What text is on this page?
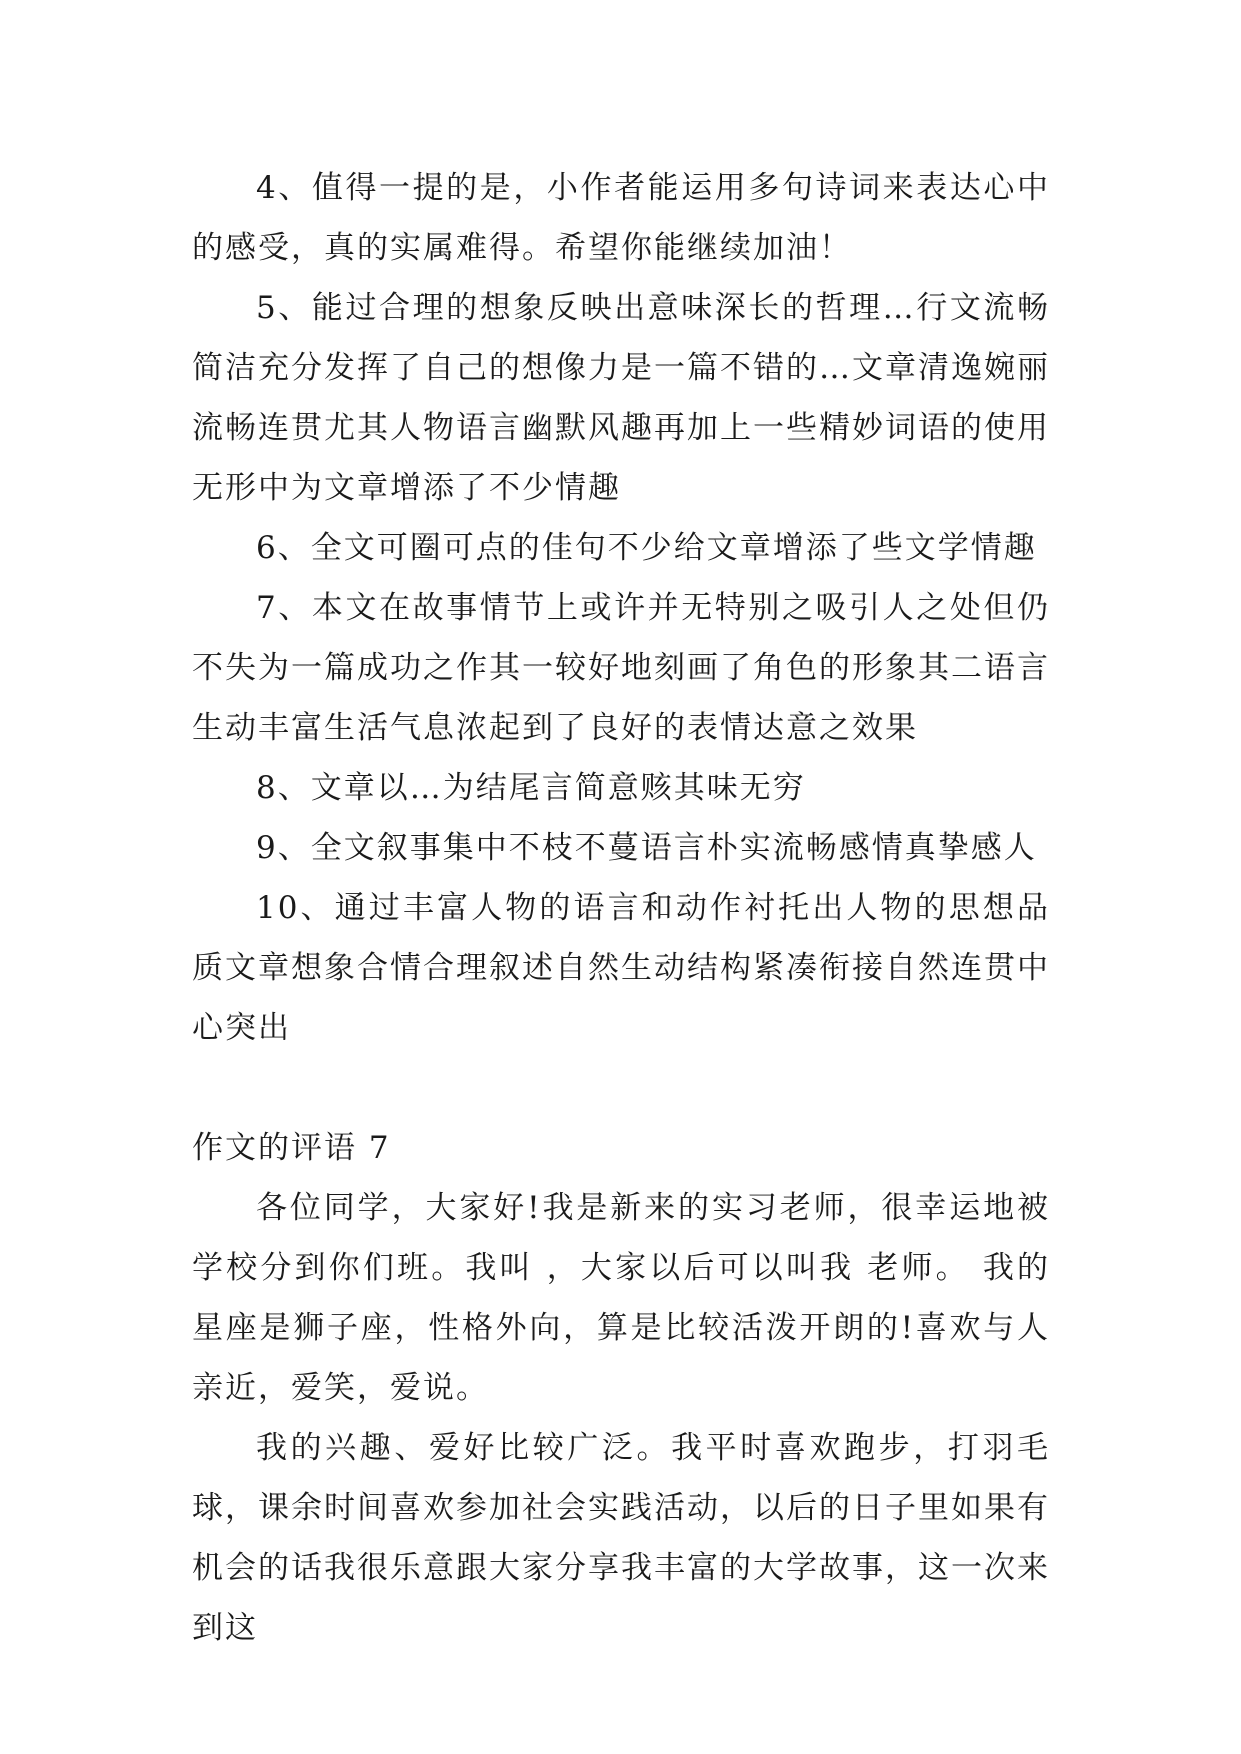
4、值得一提的是，小作者能运用多句诗词来表达心中的感受，真的实属难得。希望你能继续加油！

5、能过合理的想象反映出意味深长的哲理…行文流畅简洁充分发挥了自己的想像力是一篇不错的…文章清逸婉丽流畅连贯尤其人物语言幽默风趣再加上一些精妙词语的使用无形中为文章增添了不少情趣

6、全文可圈可点的佳句不少给文章增添了些文学情趣

7、本文在故事情节上或许并无特别之吸引人之处但仍不失为一篇成功之作其一较好地刻画了角色的形象其二语言生动丰富生活气息浓起到了良好的表情达意之效果

8、文章以…为结尾言简意赅其味无穷

9、全文叙事集中不枝不蔓语言朴实流畅感情真挚感人

10、通过丰富人物的语言和动作衬托出人物的思想品质文章想象合情合理叙述自然生动结构紧凑衔接自然连贯中心突出

作文的评语 7

各位同学，大家好!我是新来的实习老师，很幸运地被学校分到你们班。我叫 ，大家以后可以叫我 老师。 我的星座是狮子座，性格外向，算是比较活泼开朗的!喜欢与人亲近，爱笑，爱说。

我的兴趣、爱好比较广泛。我平时喜欢跑步，打羽毛球，课余时间喜欢参加社会实践活动，以后的日子里如果有机会的话我很乐意跟大家分享我丰富的大学故事，这一次来到这
